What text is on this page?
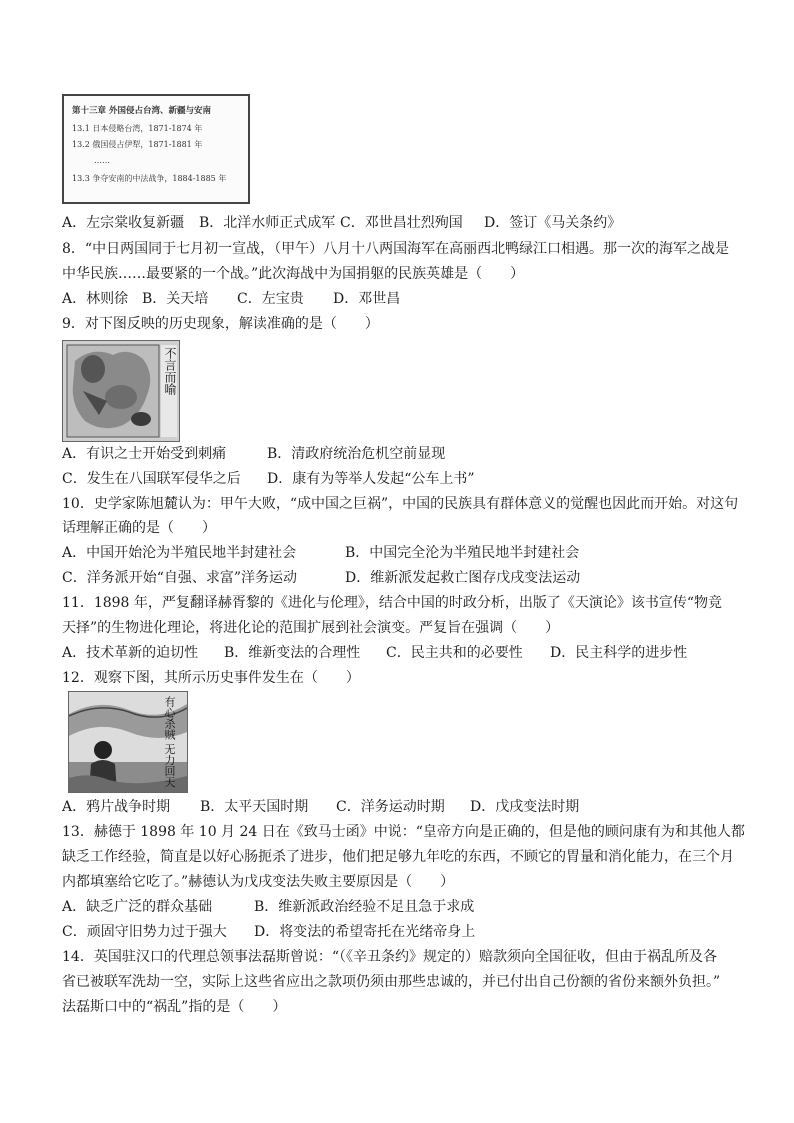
第十三章 外国侵占台湾、新疆与安南
13.1 日本侵略台湾，1871-1874 年
13.2 俄国侵占伊犁，1871-1881 年
……
13.3 争夺安南的中法战争，1884-1885 年
A．左宗棠收复新疆 B．北洋水师正式成军 C．邓世昌壮烈殉国 D．签订《马关条约》
8．“中日两国同于七月初一宣战，（甲午）八月十八两国海军在高丽西北鸭绿江口相遇。那一次的海军之战是
中华民族……最要紧的一个战。”此次海战中为国捐躯的民族英雄是（　　）
A．林则徐 B．关天培 C．左宝贵 D．邓世昌
9．对下图反映的历史现象，解读准确的是（　　）
不言而喻
A．有识之士开始受到刺痛	B．清政府统治危机空前显现
C．发生在八国联军侵华之后 D．康有为等举人发起“公车上书”
10．史学家陈旭麓认为：甲午大败，“成中国之巨祸”，中国的民族具有群体意义的觉醒也因此而开始。对这句
话理解正确的是（　　）
A．中国开始沦为半殖民地半封建社会	B．中国完全沦为半殖民地半封建社会
C．洋务派开始“自强、求富”洋务运动	D．维新派发起救亡图存戊戌变法运动
11．1898 年，严复翻译赫胥黎的《进化与伦理》，结合中国的时政分析，出版了《天演论》该书宣传“物竞
天择”的生物进化理论，将进化论的范围扩展到社会演变。严复旨在强调（　　）
A．技术革新的迫切性 B．维新变法的合理性 C．民主共和的必要性 D．民主科学的进步性
12．观察下图，其所示历史事件发生在（　　）
有心杀贼 无力回天
A．鸦片战争时期 B．太平天国时期 C．洋务运动时期 D．戊戌变法时期
13．赫德于 1898 年 10 月 24 日在《致马士函》中说：“皇帝方向是正确的，但是他的顾问康有为和其他人都
缺乏工作经验，简直是以好心肠扼杀了进步，他们把足够九年吃的东西，不顾它的胃量和消化能力，在三个月
内都填塞给它吃了。”赫德认为戊戌变法失败主要原因是（　　）
A．缺乏广泛的群众基础	B．维新派政治经验不足且急于求成
C．顽固守旧势力过于强大 D．将变法的希望寄托在光绪帝身上
14．英国驻汉口的代理总领事法磊斯曾说：“（《辛丑条约》规定的）赔款须向全国征收，但由于祸乱所及各
省已被联军洗劫一空，实际上这些省应出之款项仍须由那些忠诚的，并已付出自己份额的省份来额外负担。”
法磊斯口中的“祸乱”指的是（　　）
